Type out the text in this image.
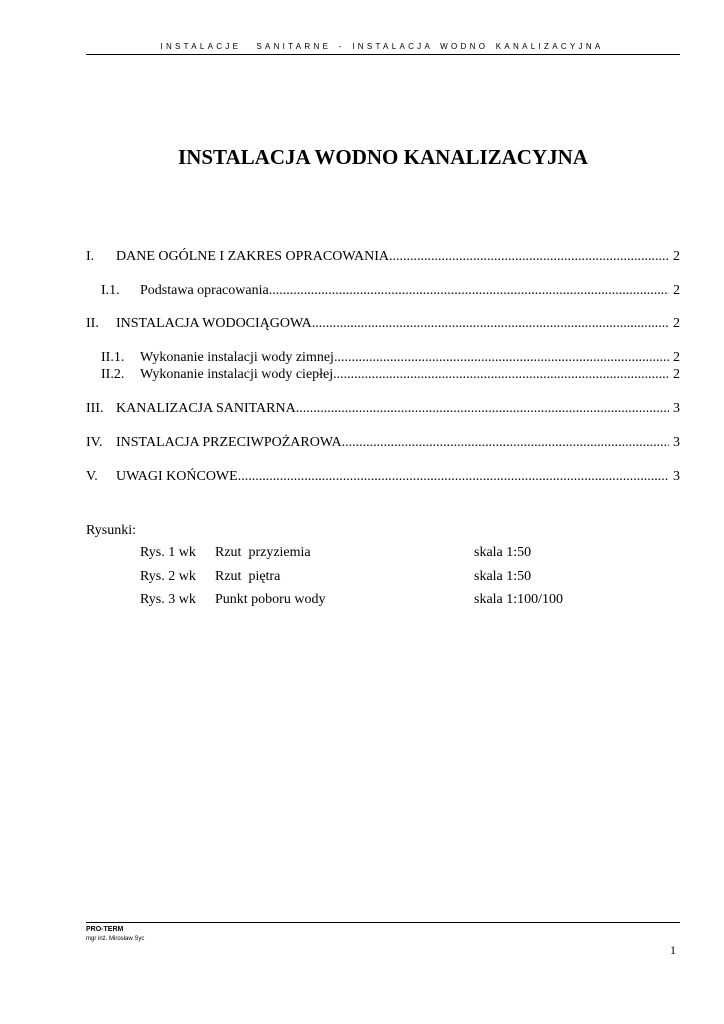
INSTALACJE  SANITARNE - INSTALACJA WODNO KANALIZACYJNA
INSTALACJA WODNO KANALIZACYJNA
I.	DANE OGÓLNE I ZAKRES OPRACOWANIA .....	2
I.1.	Podstawa opracowania .....	2
II.	INSTALACJA WODOCIĄGOWA .....	2
II.1.	Wykonanie instalacji wody zimnej .....	2
II.2.	Wykonanie instalacji wody ciepłej. .....	2
III. KANALIZACJA SANITARNA .....	3
IV. INSTALACJA PRZECIWPOŻAROWA. .....	3
V.	UWAGI KOŃCOWE .....	3
Rysunki:
Rys. 1 wk Rzut  przyziemia	skala 1:50
Rys. 2 wk Rzut  piętra	skala 1:50
Rys. 3 wk Punkt poboru wody	skala 1:100/100
PRO-TERM
mgr inż. Mirosław Syc
1
